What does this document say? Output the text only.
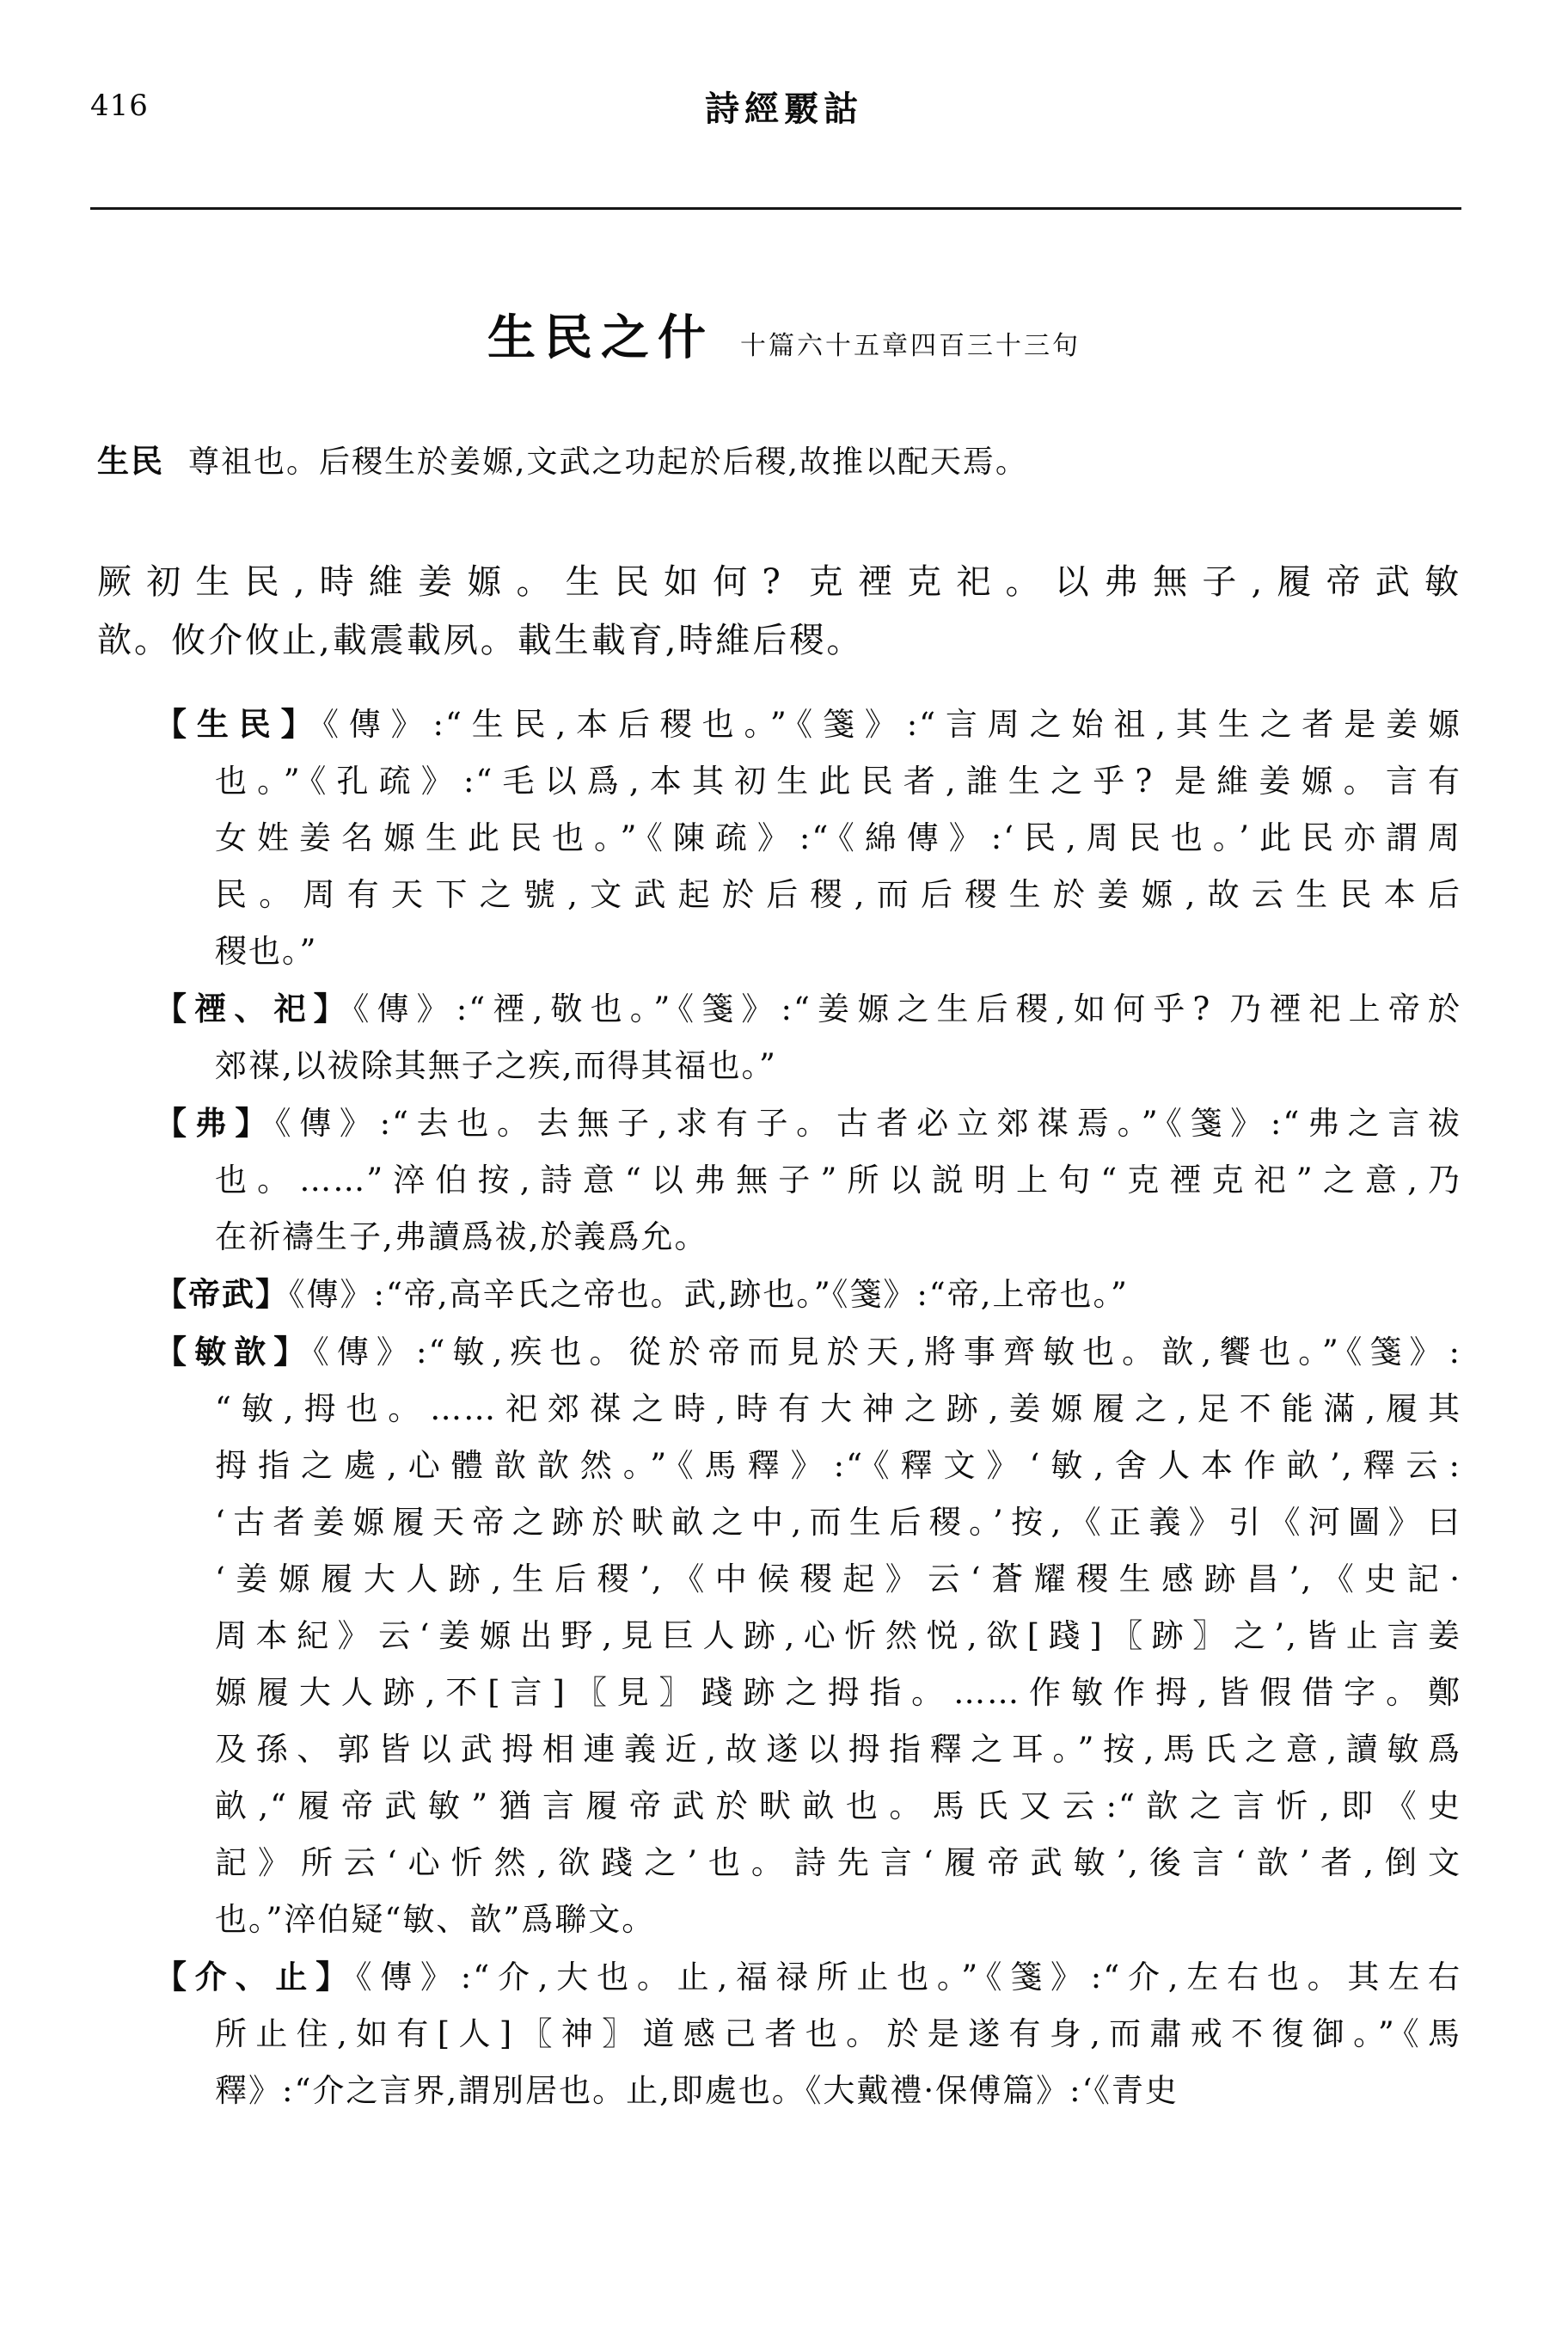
416	詩經覈詁
生民之什 十篇六十五章四百三十三句
生民 尊祖也。后稷生於姜嫄,文武之功起於后稷,故推以配天焉。
厥初生民,時維姜嫄。生民如何? 克禋克祀。以弗無子,履帝武敏
歆。攸介攸止,載震載夙。載生載育,時維后稷。
【生民】《傳》:“生民,本后稷也。”《箋》:“言周之始祖,其生之者是姜嫄
也。”《孔疏》:“毛以爲,本其初生此民者,誰生之乎? 是維姜嫄。言有
女姓姜名嫄生此民也。”《陳疏》:“《綿傳》:‘民,周民也。’此民亦謂周
民。周有天下之號,文武起於后稷,而后稷生於姜嫄,故云生民本后
稷也。”
【禋、祀】《傳》:“禋,敬也。”《箋》:“姜嫄之生后稷,如何乎? 乃禋祀上帝於
郊禖,以祓除其無子之疾,而得其福也。”
【弗】《傳》:“去也。去無子,求有子。古者必立郊禖焉。”《箋》:“弗之言祓
也。……”淬伯按,詩意“以弗無子”所以説明上句“克禋克祀”之意,乃
在祈禱生子,弗讀爲祓,於義爲允。
【帝武】《傳》:“帝,高辛氏之帝也。武,跡也。”《箋》:“帝,上帝也。”
【敏歆】《傳》:“敏,疾也。從於帝而見於天,將事齊敏也。歆,饗也。”《箋》:
“敏,拇也。……祀郊禖之時,時有大神之跡,姜嫄履之,足不能滿,履其
拇指之處,心體歆歆然。”《馬釋》:“《釋文》‘敏,舍人本作畝’,釋云:
‘古者姜嫄履天帝之跡於畎畝之中,而生后稷。’按,《正義》引《河圖》曰
‘姜嫄履大人跡,生后稷’,《中候稷起》云‘蒼耀稷生感跡昌’,《史記·
周本紀》云‘姜嫄出野,見巨人跡,心忻然悦,欲[踐]〖跡〗之’,皆止言姜
嫄履大人跡,不[言]〖見〗踐跡之拇指。……作敏作拇,皆假借字。鄭
及孫、郭皆以武拇相連義近,故遂以拇指釋之耳。”按,馬氏之意,讀敏爲
畝,“履帝武敏”猶言履帝武於畎畝也。馬氏又云:“歆之言忻,即《史
記》所云‘心忻然,欲踐之’也。詩先言‘履帝武敏’,後言‘歆’者,倒文
也。”淬伯疑“敏、歆”爲聯文。
【介、止】《傳》:“介,大也。止,福禄所止也。”《箋》:“介,左右也。其左右
所止住,如有[人]〖神〗道感己者也。於是遂有身,而肅戒不復御。”《馬
釋》:“介之言界,謂別居也。止,即處也。《大戴禮·保傅篇》:‘《青史
